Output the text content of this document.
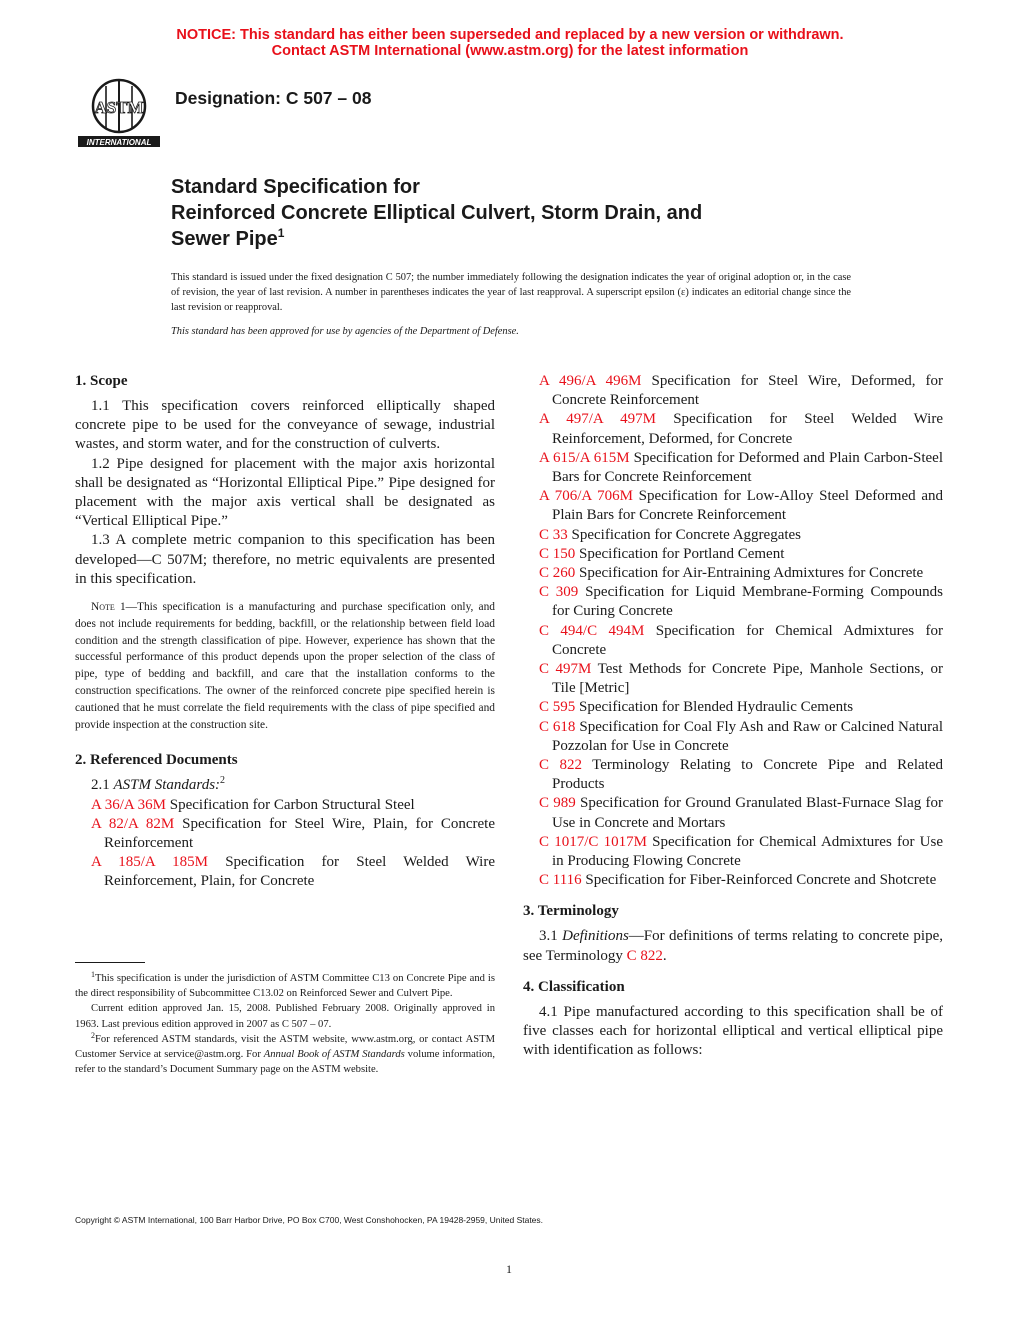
NOTICE: This standard has either been superseded and replaced by a new version or withdrawn.
Contact ASTM International (www.astm.org) for the latest information
ASTM
INTERNATIONAL
Designation: C 507 – 08
Standard Specification for
Reinforced Concrete Elliptical Culvert, Storm Drain, and
Sewer Pipe$^1$
This standard is issued under the fixed designation C 507; the number immediately following the designation indicates the year of original adoption or, in the case of revision, the year of last revision. A number in parentheses indicates the year of last reapproval. A superscript epsilon (ε) indicates an editorial change since the last revision or reapproval.
This standard has been approved for use by agencies of the Department of Defense.
1. Scope

1.1 This specification covers reinforced elliptically shaped concrete pipe to be used for the conveyance of sewage, industrial wastes, and storm water, and for the construction of culverts.

1.2 Pipe designed for placement with the major axis horizontal shall be designated as “Horizontal Elliptical Pipe.” Pipe designed for placement with the major axis vertical shall be designated as “Vertical Elliptical Pipe.”

1.3 A complete metric companion to this specification has been developed—C 507M; therefore, no metric equivalents are presented in this specification.

Note 1—This specification is a manufacturing and purchase specification only, and does not include requirements for bedding, backfill, or the relationship between field load condition and the strength classification of pipe. However, experience has shown that the successful performance of this product depends upon the proper selection of the class of pipe, type of bedding and backfill, and care that the installation conforms to the construction specifications. The owner of the reinforced concrete pipe specified herein is cautioned that he must correlate the field requirements with the class of pipe specified and provide inspection at the construction site.

2. Referenced Documents

2.1 ASTM Standards:$^2$

A 36/A 36M Specification for Carbon Structural Steel

A 82/A 82M Specification for Steel Wire, Plain, for Concrete Reinforcement

A 185/A 185M Specification for Steel Welded Wire Reinforcement, Plain, for Concrete

A 496/A 496M Specification for Steel Wire, Deformed, for Concrete Reinforcement

A 497/A 497M Specification for Steel Welded Wire Reinforcement, Deformed, for Concrete

A 615/A 615M Specification for Deformed and Plain Carbon-Steel Bars for Concrete Reinforcement

A 706/A 706M Specification for Low-Alloy Steel Deformed and Plain Bars for Concrete Reinforcement

C 33 Specification for Concrete Aggregates

C 150 Specification for Portland Cement

C 260 Specification for Air-Entraining Admixtures for Concrete

C 309 Specification for Liquid Membrane-Forming Compounds for Curing Concrete

C 494/C 494M Specification for Chemical Admixtures for Concrete

C 497M Test Methods for Concrete Pipe, Manhole Sections, or Tile [Metric]

C 595 Specification for Blended Hydraulic Cements

C 618 Specification for Coal Fly Ash and Raw or Calcined Natural Pozzolan for Use in Concrete

C 822 Terminology Relating to Concrete Pipe and Related Products

C 989 Specification for Ground Granulated Blast-Furnace Slag for Use in Concrete and Mortars

C 1017/C 1017M Specification for Chemical Admixtures for Use in Producing Flowing Concrete

C 1116 Specification for Fiber-Reinforced Concrete and Shotcrete

3. Terminology

3.1 Definitions—For definitions of terms relating to concrete pipe, see Terminology C 822.

4. Classification

4.1 Pipe manufactured according to this specification shall be of five classes each for horizontal elliptical and vertical elliptical pipe with identification as follows:

$^1$This specification is under the jurisdiction of ASTM Committee C13 on Concrete Pipe and is the direct responsibility of Subcommittee C13.02 on Reinforced Sewer and Culvert Pipe.

Current edition approved Jan. 15, 2008. Published February 2008. Originally approved in 1963. Last previous edition approved in 2007 as C 507 – 07.

$^2$For referenced ASTM standards, visit the ASTM website, www.astm.org, or contact ASTM Customer Service at service@astm.org. For Annual Book of ASTM Standards volume information, refer to the standard’s Document Summary page on the ASTM website.

Copyright © ASTM International, 100 Barr Harbor Drive, PO Box C700, West Conshohocken, PA 19428-2959, United States.
1
